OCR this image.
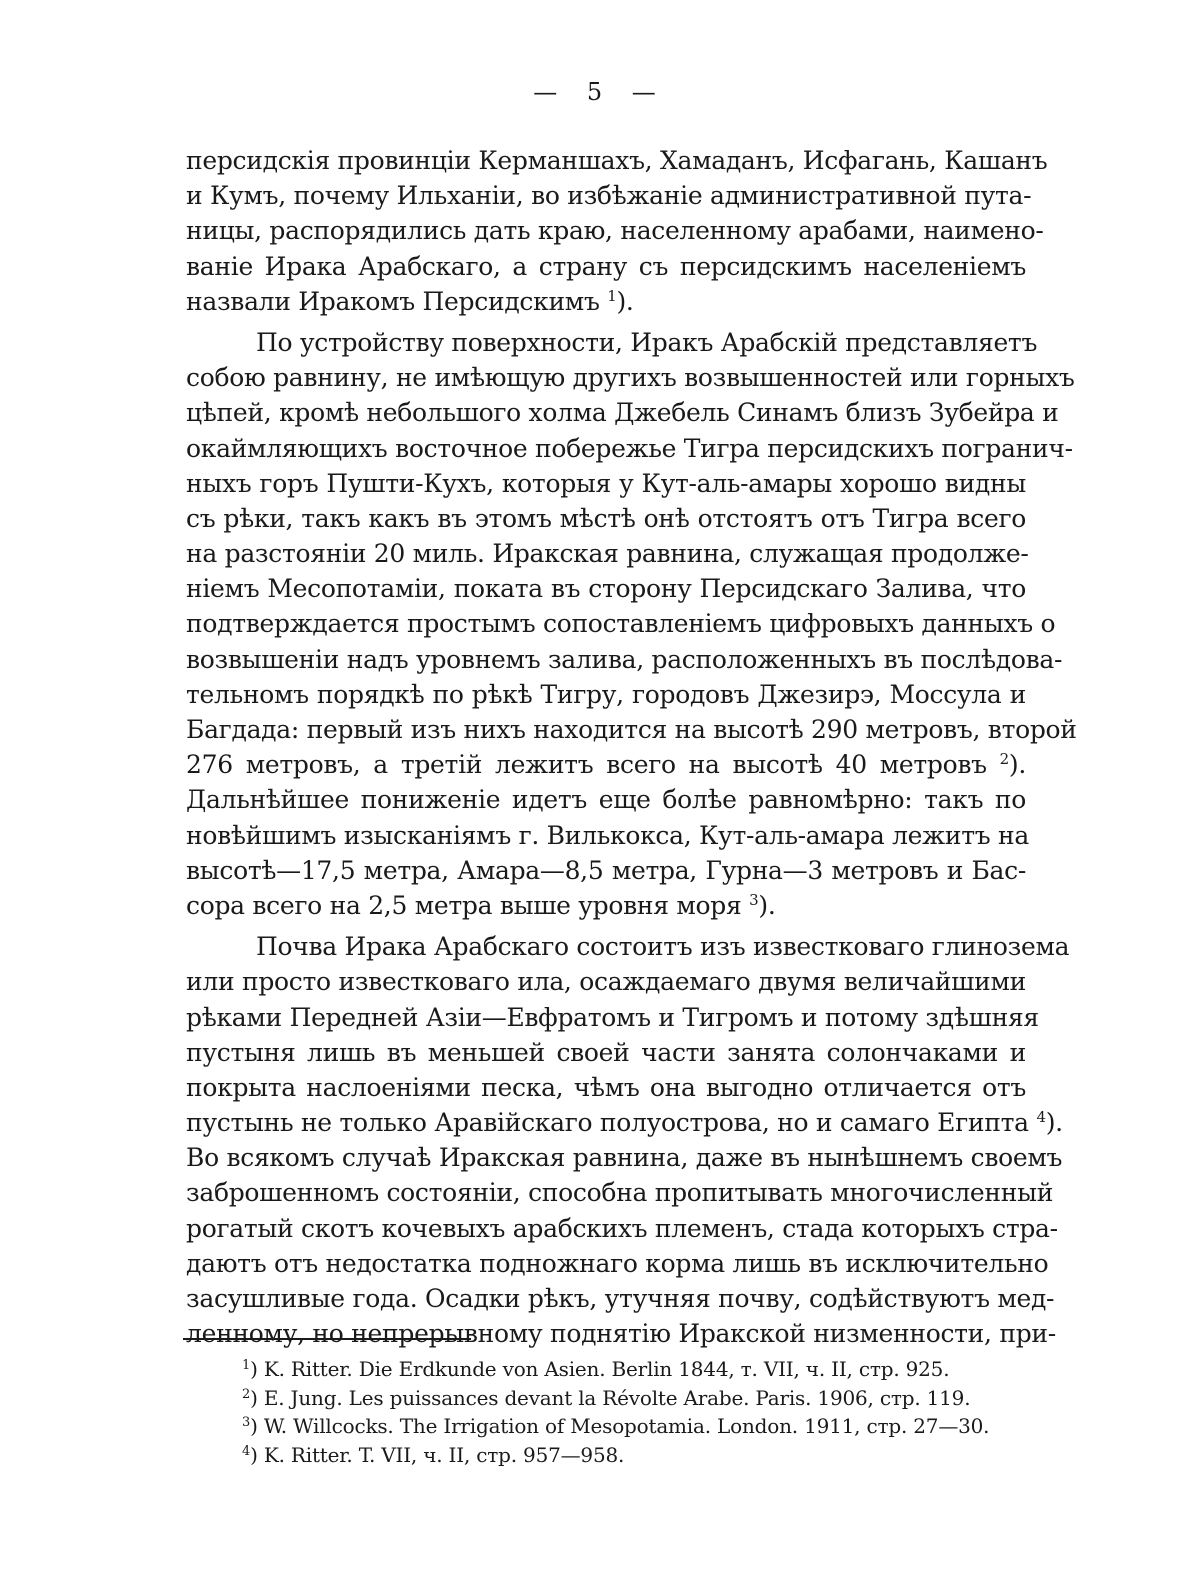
— 5 —
персидскія провинціи Керманшахъ, Хамаданъ, Исфагань, Кашанъ
и Кумъ, почему Ильханіи, во избѣжаніе административной пута-
ницы, распорядились дать краю, населенному арабами, наимено-
ваніе Ирака Арабскаго, а страну съ персидскимъ населеніемъ
назвали Иракомъ Персидскимъ $^1$).
По устройству поверхности, Иракъ Арабскій представляетъ
собою равнину, не имѣющую другихъ возвышенностей или горныхъ
цѣпей, кромѣ небольшого холма Джебель Синамъ близъ Зубейра и
окаймляющихъ восточное побережье Тигра персидскихъ погранич-
ныхъ горъ Пушти-Кухъ, которыя у Кут-аль-амары хорошо видны
съ рѣки, такъ какъ въ этомъ мѣстѣ онѣ отстоятъ отъ Тигра всего
на разстояніи 20 миль. Иракская равнина, служащая продолже-
ніемъ Месопотаміи, поката въ сторону Персидскаго Залива, что
подтверждается простымъ сопоставленіемъ цифровыхъ данныхъ о
возвышеніи надъ уровнемъ залива, расположенныхъ въ послѣдова-
тельномъ порядкѣ по рѣкѣ Тигру, городовъ Джезирэ, Моссула и
Багдада: первый изъ нихъ находится на высотѣ 290 метровъ, второй
276 метровъ, а третій лежитъ всего на высотѣ 40 метровъ $^2$).
Дальнѣйшее пониженіе идетъ еще болѣе равномѣрно: такъ по
новѣйшимъ изысканіямъ г. Вилькокса, Кут-аль-амара лежитъ на
высотѣ—17,5 метра, Амара—8,5 метра, Гурна—3 метровъ и Бас-
сора всего на 2,5 метра выше уровня моря $^3$).
Почва Ирака Арабскаго состоитъ изъ известковаго глинозема
или просто известковаго ила, осаждаемаго двумя величайшими
рѣками Передней Азіи—Евфратомъ и Тигромъ и потому здѣшняя
пустыня лишь въ меньшей своей части занята солончаками и
покрыта наслоеніями песка, чѣмъ она выгодно отличается отъ
пустынь не только Аравійскаго полуострова, но и самаго Египта $^4$).
Во всякомъ случаѣ Иракская равнина, даже въ нынѣшнемъ своемъ
заброшенномъ состояніи, способна пропитывать многочисленный
рогатый скотъ кочевыхъ арабскихъ племенъ, стада которыхъ стра-
даютъ отъ недостатка подножнаго корма лишь въ исключительно
засушливые года. Осадки рѣкъ, утучняя почву, содѣйствуютъ мед-
ленному, но непрерывному поднятію Иракской низменности, при-
$^1$) K. Ritter. Die Erdkunde von Asien. Berlin 1844, т. VII, ч. II, стр. 925.
$^2$) E. Jung. Les puissances devant la Révolte Arabe. Paris. 1906, стр. 119.
$^3$) W. Willcocks. The Irrigation of Mesopotamia. London. 1911, стр. 27—30.
$^4$) K. Ritter. T. VII, ч. II, стр. 957—958.
